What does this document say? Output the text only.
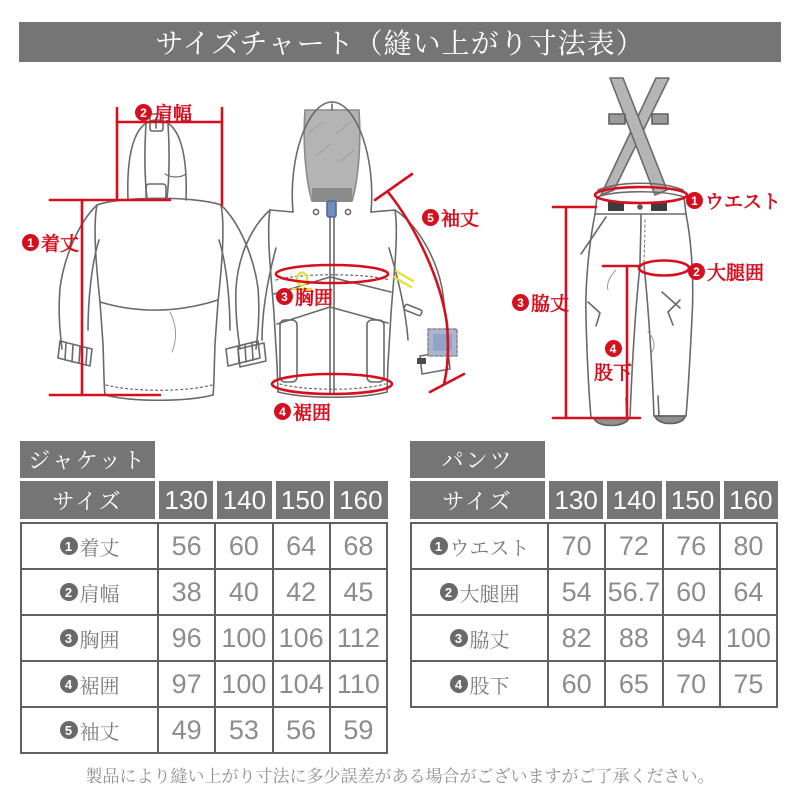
サイズチャート（縫い上がり寸法表）
2 肩幅
1 着丈
5 袖丈
3 胸囲
4 裾囲
1 ウエスト
2 大腿囲
3 脇丈
4
股下
ジャケット
サイズ	130 140 150 160
1 着丈	56	60	64	68
2 肩幅	38	40	42	45
3 胸囲	96 100 106 112
4 裾囲	97 100 104 110
5 袖丈	49	53	56	59
パンツ
サイズ	130 140 150 160
1 ウエスト	70	72	76	80
2 大腿囲	54 56.7 60	64
3 脇丈	82	88	94 100
4 股下	60	65	70	75
製品により縫い上がり寸法に多少誤差がある場合がございますがご了承ください。
